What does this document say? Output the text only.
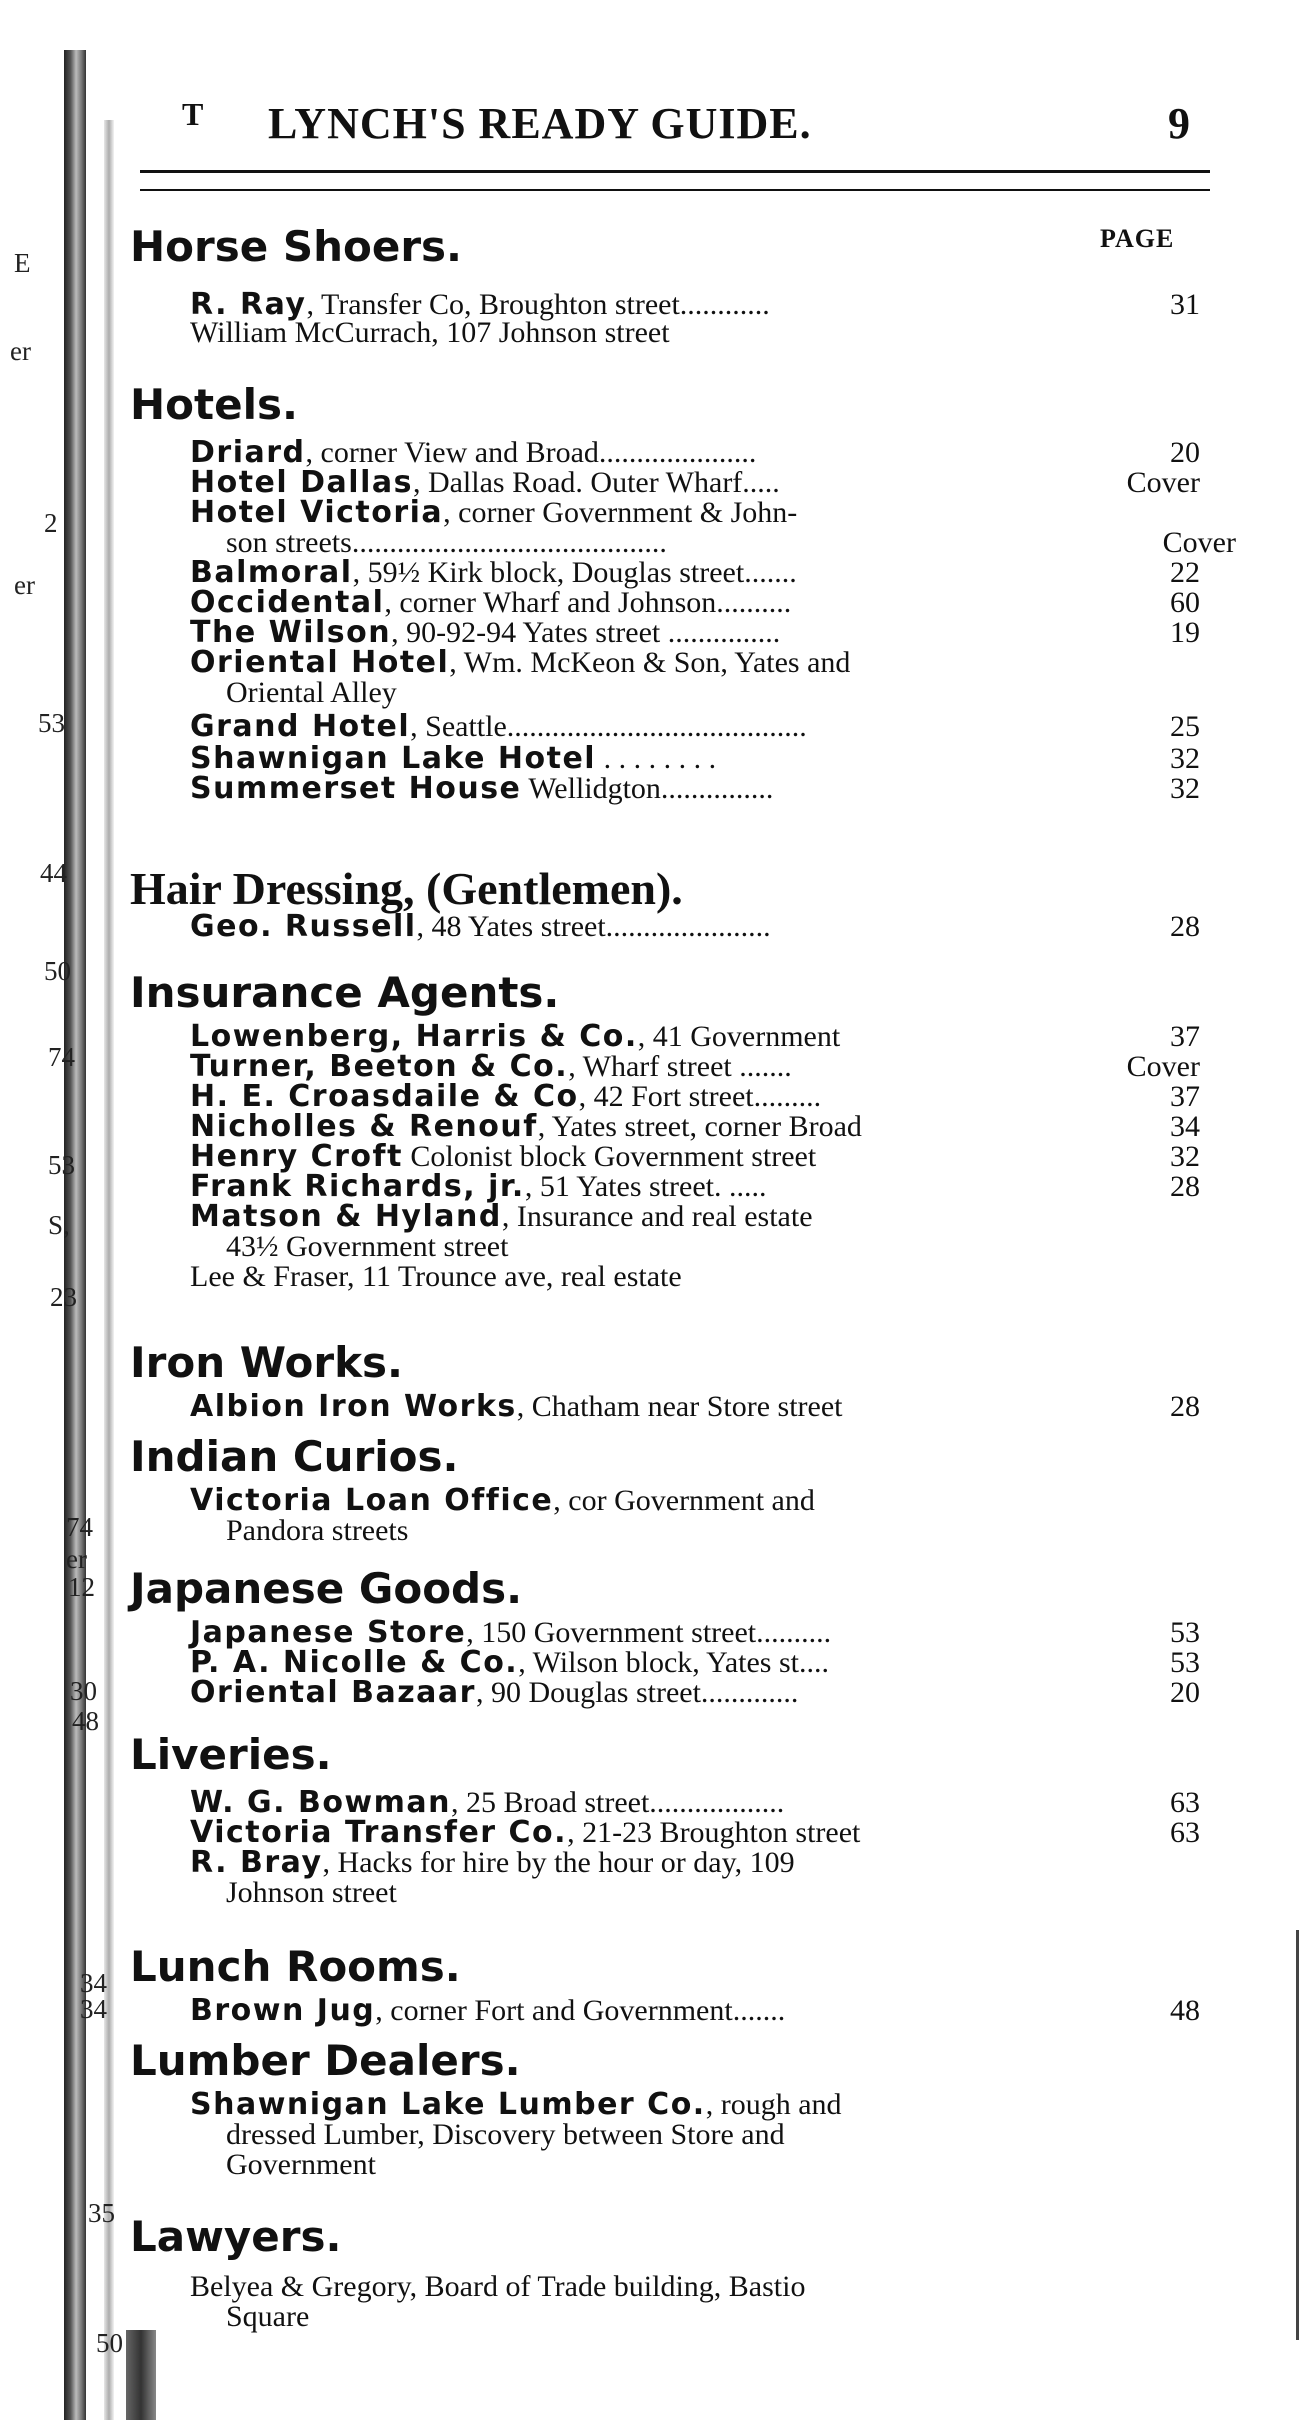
E
er
2
er
53
44
50
74
53
S,
23
74
er
12
30
48
34
34
35
50
T LYNCH'S READY GUIDE.	9
PAGE
Horse Shoers.
R. Ray, Transfer Co, Broughton street............	31
William McCurrach, 107 Johnson street
Hotels.
Driard, corner View and Broad.....................	20
Hotel Dallas, Dallas Road. Outer Wharf.....	Cover
Hotel Victoria, corner Government & John-
son streets..........................................	Cover
Balmoral, 59½ Kirk block, Douglas street.......	22
Occidental, corner Wharf and Johnson..........	60
The Wilson, 90-92-94 Yates street ...............	19
Oriental Hotel, Wm. McKeon & Son, Yates and
Oriental Alley
Grand Hotel, Seattle........................................	25
Shawnigan Lake Hotel . . . . . . . .	32
Summerset House Wellidgton...............	32
Hair Dressing, (Gentlemen).
Geo. Russell, 48 Yates street......................	28
Insurance Agents.
Lowenberg, Harris & Co., 41 Government	37
Turner, Beeton & Co., Wharf street .......	Cover
H. E. Croasdaile & Co, 42 Fort street.........	37
Nicholles & Renouf, Yates street, corner Broad	34
Henry Croft Colonist block Government street	32
Frank Richards, jr., 51 Yates street. .....	28
Matson & Hyland, Insurance and real estate
43½ Government street
Lee & Fraser, 11 Trounce ave, real estate
Iron Works.
Albion Iron Works, Chatham near Store street	28
Indian Curios.
Victoria Loan Office, cor Government and
Pandora streets
Japanese Goods.
Japanese Store, 150 Government street..........	53
P. A. Nicolle & Co., Wilson block, Yates st....	53
Oriental Bazaar, 90 Douglas street.............	20
Liveries.
W. G. Bowman, 25 Broad street..................	63
Victoria Transfer Co., 21-23 Broughton street	63
R. Bray, Hacks for hire by the hour or day, 109
Johnson street
Lunch Rooms.
Brown Jug, corner Fort and Government.......	48
Lumber Dealers.
Shawnigan Lake Lumber Co., rough and
dressed Lumber, Discovery between Store and
Government
Lawyers.
Belyea & Gregory, Board of Trade building, Bastio
Square
